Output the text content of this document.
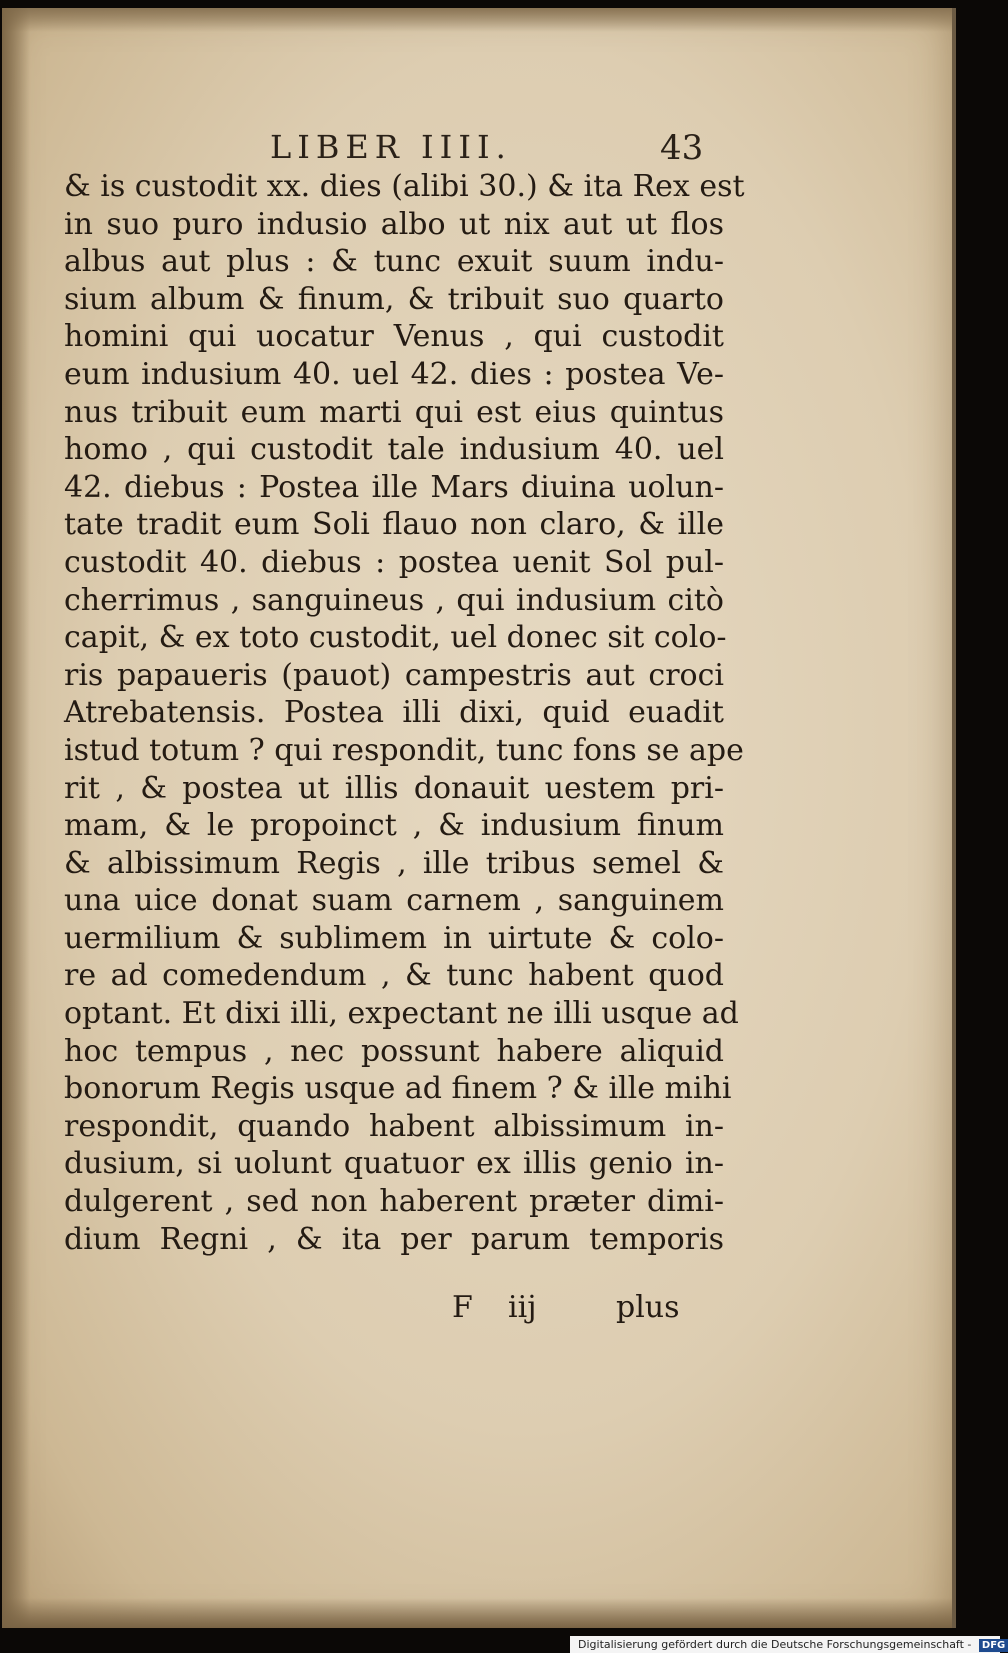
LIBER IIII.	43
& is custodit xx. dies (alibi 30.) & ita Rex est
in suo puro indusio albo ut nix aut ut flos
albus aut plus : & tunc exuit suum indu-
sium album & finum, & tribuit suo quarto
homini qui uocatur Venus , qui custodit
eum indusium 40. uel 42. dies : postea Ve-
nus tribuit eum marti qui est eius quintus
homo , qui custodit tale indusium 40. uel
42. diebus : Postea ille Mars diuina uolun-
tate tradit eum Soli flauo non claro, & ille
custodit 40. diebus : postea uenit Sol pul-
cherrimus , sanguineus , qui indusium citò
capit, & ex toto custodit, uel donec sit colo-
ris papaueris (pauot) campestris aut croci
Atrebatensis. Postea illi dixi, quid euadit
istud totum ? qui respondit, tunc fons se ape
rit , & postea ut illis donauit uestem pri-
mam, & le propoinct , & indusium finum
& albissimum Regis , ille tribus semel &
una uice donat suam carnem , sanguinem
uermilium & sublimem in uirtute & colo-
re ad comedendum , & tunc habent quod
optant. Et dixi illi, expectant ne illi usque ad
hoc tempus , nec possunt habere aliquid
bonorum Regis usque ad finem ? & ille mihi
respondit, quando habent albissimum in-
dusium, si uolunt quatuor ex illis genio in-
dulgerent , sed non haberent præter dimi-
dium Regni , & ita per parum temporis
F iij	plus
Digitalisierung gefördert durch die Deutsche Forschungsgemeinschaft - DFG
